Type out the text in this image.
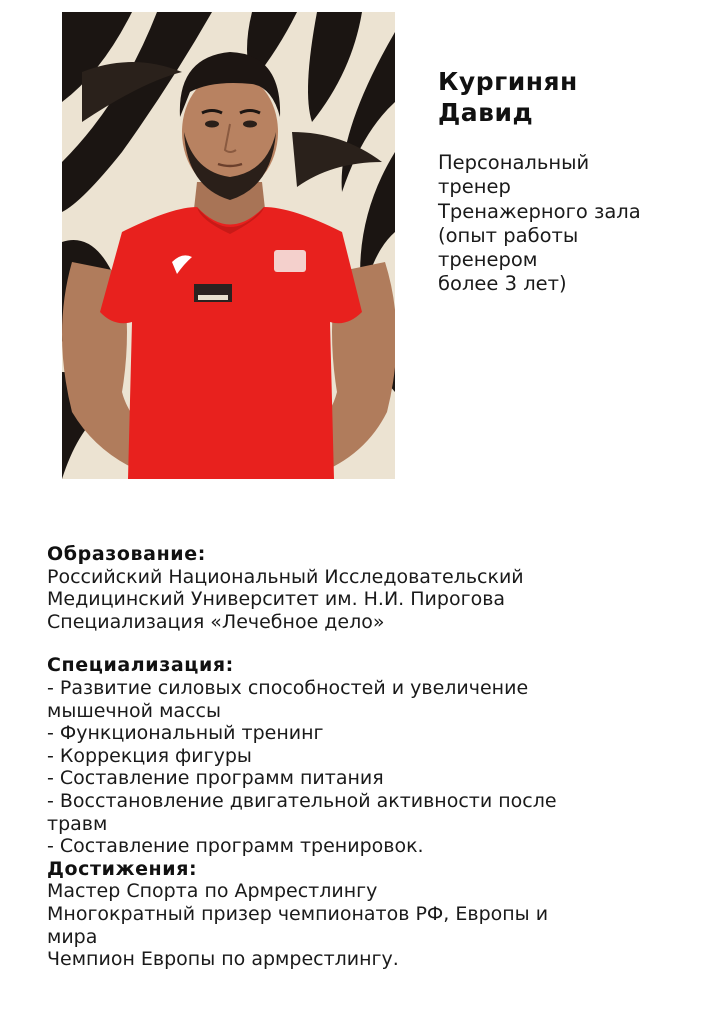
Кургинян
Давид
Персональный
тренер
Тренажерного зала
(опыт работы
тренером
более 3 лет)
Образование:
Российский Национальный Исследовательский
Медицинский Университет им. Н.И. Пирогова
Специализация «Лечебное дело»
Специализация:
- Развитие силовых способностей и увеличение
мышечной массы
- Функциональный тренинг
- Коррекция фигуры
- Составление программ питания
- Восстановление двигательной активности после
травм
- Составление программ тренировок.
Достижения:
Мастер Спорта по Армрестлингу
Многократный призер чемпионатов РФ, Европы и
мира
Чемпион Европы по армрестлингу.
